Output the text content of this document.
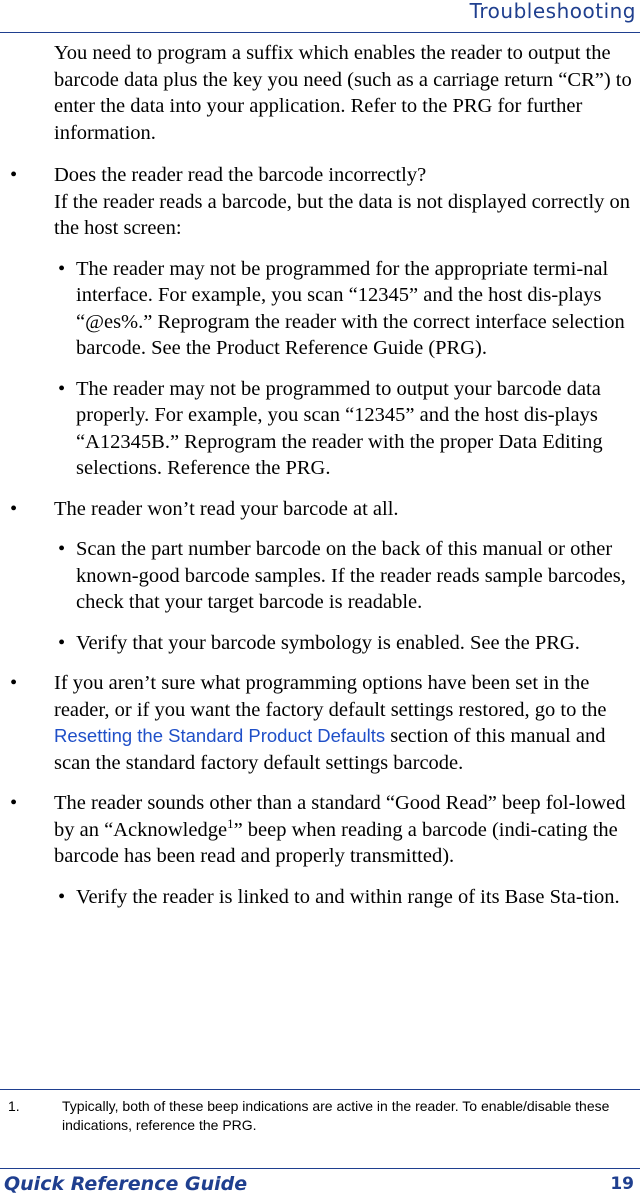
Troubleshooting

You need to program a suffix which enables the reader to output the barcode data plus the key you need (such as a carriage return “CR”) to enter the data into your application. Refer to the PRG for further information.

• Does the reader read the barcode incorrectly?

If the reader reads a barcode, but the data is not displayed correctly on the host screen:

• The reader may not be programmed for the appropriate termi-nal interface. For example, you scan “12345” and the host dis-plays “@es%.” Reprogram the reader with the correct interface selection barcode. See the Product Reference Guide (PRG).

• The reader may not be programmed to output your barcode data properly. For example, you scan “12345” and the host dis-plays “A12345B.” Reprogram the reader with the proper Data Editing selections. Reference the PRG.

• The reader won’t read your barcode at all.

• Scan the part number barcode on the back of this manual or other known-good barcode samples. If the reader reads sample barcodes, check that your target barcode is readable.

• Verify that your barcode symbology is enabled. See the PRG.

• If you aren’t sure what programming options have been set in the reader, or if you want the factory default settings restored, go to the Resetting the Standard Product Defaults section of this manual and scan the standard factory default settings barcode.

• The reader sounds other than a standard “Good Read” beep fol-lowed by an “Acknowledge$^1$” beep when reading a barcode (indi-cating the barcode has been read and properly transmitted).

• Verify the reader is linked to and within range of its Base Sta-tion.

1.	Typically, both of these beep indications are active in the reader. To enable/disable these indications, reference the PRG.
Quick Reference Guide	19
